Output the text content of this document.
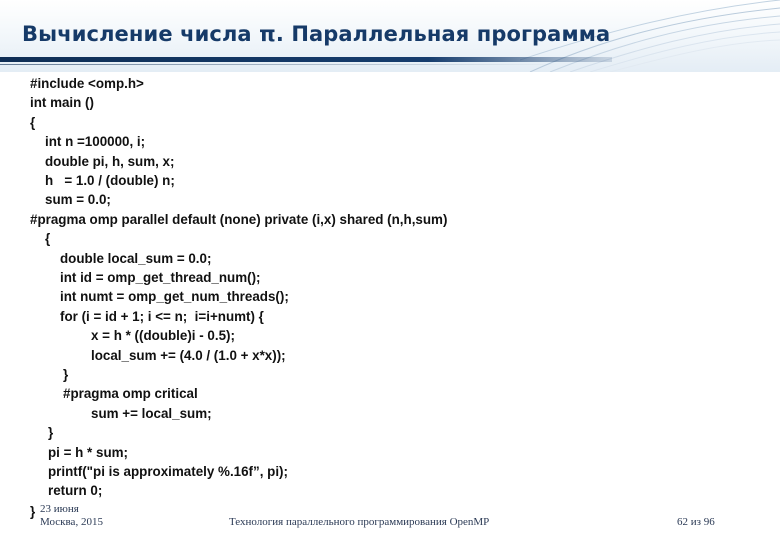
Вычисление числа π. Параллельная программа
#include <omp.h>
int main ()
{
int n =100000, i;
double pi, h, sum, x;
h   = 1.0 / (double) n;
sum = 0.0;
#pragma omp parallel default (none) private (i,x) shared (n,h,sum)
{
double local_sum = 0.0;
int id = omp_get_thread_num();
int numt = omp_get_num_threads();
for (i = id + 1; i <= n;  i=i+numt) {
x = h * ((double)i - 0.5);
local_sum += (4.0 / (1.0 + x*x));
}
#pragma omp critical
sum += local_sum;
}
pi = h * sum;
printf("pi is approximately %.16f”, pi);
return 0;
} 23 июня
Москва, 2015	Технология параллельного программирования OpenMP	62 из 96
